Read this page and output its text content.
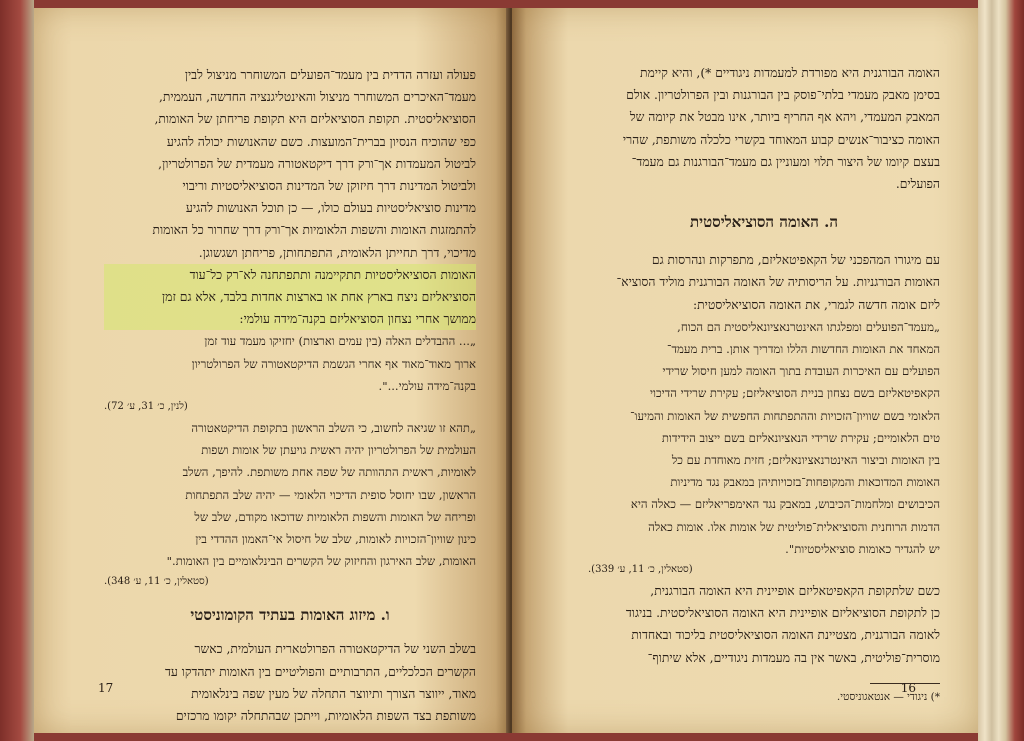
פעולה ועזרה הדדית בין מעמד־הפועלים המשוחרר מניצול לבין

מעמד־האיכרים המשוחרר מניצול והאינטליגנציה החדשה, העממית,

הסוציאליסטית. תקופת הסוציאליזם היא תקופת פריחתן של האומות,

כפי שהוכיח הנסיון בברית־המועצות. כשם שהאנושות יכולה להגיע

לביטול המעמדות אך־ורק דרך דיקטאטורה מעמדית של הפרולטריון,

ולביטול המדינות דרך חיזוקן של המדינות הסוציאליסטיות וריבוי

מדינות סוציאליסטיות בעולם כולו, — כן תוכל האנושות להגיע

להתמזגות האומות והשפות הלאומיות אך־ורק דרך שחרור כל האומות

מדיכוי, דרך תחייתן הלאומית, התפתחותן, פריחתן ושגשוגן.

האומות הסוציאליסטיות תתקיימנה ותתפתחנה לא־רק כל־עוד

הסוציאליזם ניצח בארץ אחת או בארצות אחדות בלבד, אלא גם זמן

ממושך אחרי נצחון הסוציאליזם בקנה־מידה עולמי:

„... ההבדלים האלה (בין עמים וארצות) יחזיקו מעמד עוד זמן

ארוך מאוד־מאוד אף אחרי הגשמת הדיקטאטורה של הפרולטריון

בקנה־מידה עולמי...".

(לנין, כ׳ 31, ע׳ 72).

„תהא זו שגיאה לחשוב, כי השלב הראשון בתקופת הדיקטאטורה

העולמית של הפרולטריון יהיה ראשית גויעתן של אומות ושפות

לאומיות, ראשית התהוותה של שפה אחת משותפת. להיפך, השלב

הראשון, שבו יחוסל סופית הדיכוי הלאומי — יהיה שלב התפתחות

ופריחה של האומות והשפות הלאומיות שדוכאו מקודם, שלב של

כינון שוויון־הזכויות לאומות, שלב של חיסול אי־האמון ההדדי בין

האומות, שלב האירגון והחיזוק של הקשרים הבינלאומיים בין האומות."

(סטאלין, כ׳ 11, ע׳ 348).
ו. מיזוג האומות בעתיד הקומוניסטי

בשלב השני של הדיקטאטורה הפרולטארית העולמית, כאשר

הקשרים הכלכליים, התרבותיים והפוליטיים בין האומות יתהדקו עד

מאוד, ייווצר הצורך ותיווצר התחלה של מעין שפה בינלאומית

משותפת בצד השפות הלאומיות, וייתכן שבהתחלה יקומו מרכזים

17

האומה הבורגנית היא מפורדת למעמדות ניגודיים *), והיא קיימת

בסימן מאבק מעמדי בלתי־פוסק בין הבורגנות ובין הפרולטריון. אולם

המאבק המעמדי, ויהא אף החריף ביותר, אינו מבטל את קיומה של

האומה כציבור־אנשים קבוע המאוחד בקשרי כלכלה משותפת, שהרי

בעצם קיומו של היצור תלוי ומעוניין גם מעמד־הבורגנות גם מעמד־

הפועלים.

ה. האומה הסוציאליסטית

עם מיגורו המהפכני של הקאפיטאליזם, מתפרקות ונהרסות גם

האומות הבורגניות. על הריסותיה של האומה הבורגנית מוליד הסוציא־

ליזם אומה חדשה לגמרי, את האומה הסוציאליסטית:

„מעמד־הפועלים ומפלגתו האינטרנאציונאליסטית הם הכוח,

המאחד את האומות החדשות הללו ומדריך אותן. ברית מעמד־

הפועלים עם האיכרות העובדת בתוך האומה למען חיסול שרידי

הקאפיטאליזם בשם נצחון בניית הסוציאליזם; עקירת שרידי הדיכוי

הלאומי בשם שוויון־הזכויות וההתפתחות החפשית של האומות והמיעו־

טים הלאומיים; עקירת שרידי הנאציונאליזם בשם ייצוב הידידות

בין האומות וביצור האינטרנאציונאליזם; חזית מאוחדת עם כל

האומות המדוכאות והמקופחות־בזכויותיהן במאבק נגד מדיניות

הכיבושים ומלחמות־הכיבוש, במאבק נגד האימפריאליזם — כאלה היא

הדמות הרוחנית והסוציאלית־פוליטית של אומות אלו. אומות כאלה

יש להגדיר כאומות סוציאליסטיות".

(סטאלין, כ׳ 11, ע׳ 339).

כשם שלתקופת הקאפיטאליזם אופיינית היא האומה הבורגנית,

כן לתקופת הסוציאליזם אופיינית היא האומה הסוציאליסטית. בניגוד

לאומה הבורגנית, מצטיינת האומה הסוציאליסטית בליכוד ובאחדות

מוסרית־פוליטית, באשר אין בה מעמדות ניגודיים, אלא שיתוף־

*) ניגודי — אנטאגוניסטי.
16
